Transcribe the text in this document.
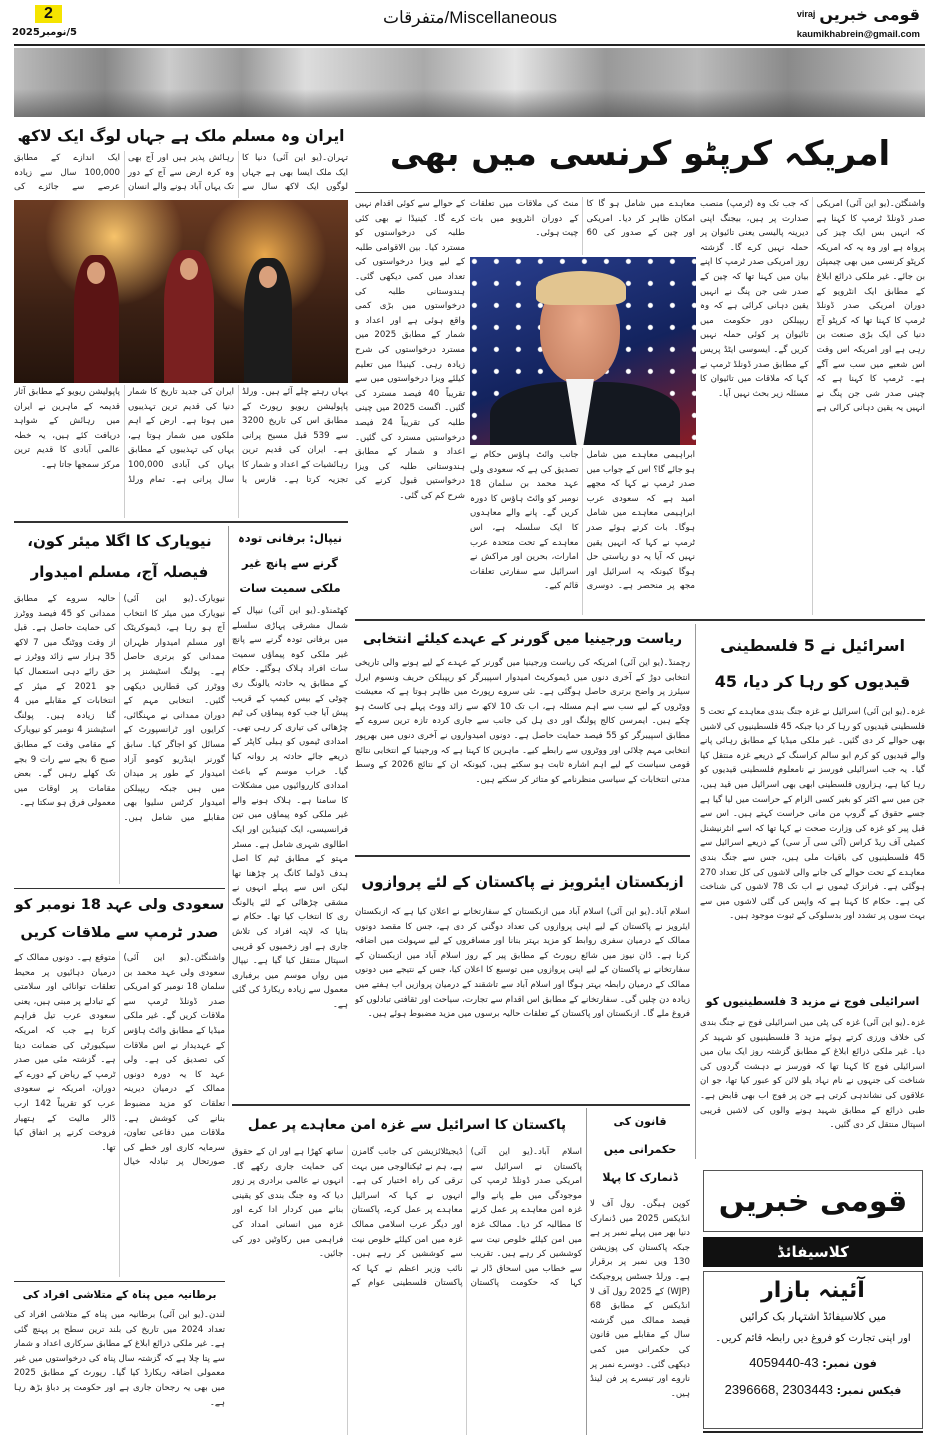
2
5/نومبر2025
متفرقات/Miscellaneous	viraj قومی خبریں
kaumikhabrein@gmail.com
امریکہ کرپٹو کرنسی میں بھی
واشنگٹن۔(یو این آئی) امریکی صدر ڈونلڈ ٹرمپ کا کہنا ہے کہ انہیں بس ایک چیز کی پرواہ ہے اور وہ یہ کہ امریکہ کرپٹو کرنسی میں بھی چیمپئن بن جائے۔ غیر ملکی ذرائع ابلاغ کے مطابق ایک انٹرویو کے دوران امریکی صدر ڈونلڈ ٹرمپ کا کہنا تھا کہ کرپٹو آج دنیا کی ایک بڑی صنعت بن رہی ہے اور امریکہ اس وقت اس شعبے میں سب سے آگے ہے۔ ٹرمپ کا کہنا ہے کہ چینی صدر شی جن پنگ نے انہیں یہ یقین دہانی کرائی ہے کہ جب تک وہ (ٹرمپ) منصب صدارت پر ہیں، بیجنگ اپنی دیرینہ پالیسی یعنی تائیوان پر حملہ نہیں کرے گا۔ گزشتہ روز امریکی صدر ٹرمپ کا اپنے بیان میں کہنا تھا کہ چین کے صدر شی جن پنگ نے انہیں یقین دہانی کرائی ہے کہ وہ ریپبلکن دور حکومت میں تائیوان پر کوئی حملہ نہیں کریں گے۔ ایسوسی ایٹڈ پریس کے مطابق صدر ڈونلڈ ٹرمپ نے کہا کہ ملاقات میں تائیوان کا مسئلہ زیر بحث نہیں آیا۔
معاہدے میں شامل ہو گا کا امکان ظاہر کر دیا۔ امریکی اور چین کے صدور کی 60 منٹ کی ملاقات میں تعلقات کے دوران انٹرویو میں بات چیت ہوئی۔
ابراہیمی معاہدے میں شامل ہو جائے گا؟ اس کے جواب میں صدر ٹرمپ نے کہا کہ مجھے امید ہے کہ سعودی عرب ابراہیمی معاہدے میں شامل ہوگا۔ بات کرتے ہوئے صدر ٹرمپ نے کہا کہ انہیں یقین نہیں کہ آیا یہ دو ریاستی حل ہوگا کیونکہ یہ اسرائیل اور مجھ پر منحصر ہے۔ دوسری جانب وائٹ ہاؤس حکام نے تصدیق کی ہے کہ سعودی ولی عہد محمد بن سلمان 18 نومبر کو وائٹ ہاؤس کا دورہ کریں گے۔ پانے والے معاہدوں کا ایک سلسلہ ہے، اس معاہدے کے تحت متحدہ عرب امارات، بحرین اور مراکش نے اسرائیل سے سفارتی تعلقات قائم کیے۔
کے حوالے سے کوئی اقدام نہیں کرے گا۔ کینیڈا نے بھی کئی طلبہ کی درخواستوں کو مسترد کیا۔ بین الاقوامی طلبہ کے لیے ویزا درخواستوں کی تعداد میں کمی دیکھی گئی۔ ہندوستانی طلبہ کی درخواستوں میں بڑی کمی واقع ہوئی ہے اور اعداد و شمار کے مطابق 2025 میں مسترد درخواستوں کی شرح زیادہ رہی۔ کینیڈا میں تعلیم کیلئے ویزا درخواستوں میں سے تقریباً 40 فیصد مسترد کی گئیں۔ اگست 2025 میں چینی طلبہ کی تقریباً 24 فیصد درخواستیں مسترد کی گئیں۔ اعداد و شمار کے مطابق ہندوستانی طلبہ کی ویزا درخواستیں قبول کرنے کی شرح کم کی گئی۔
ایران وہ مسلم ملک ہے جہاں لوگ ایک لاکھ
تہران۔(یو این آئی) دنیا کا ایک ملک ایسا بھی ہے جہاں لوگوں ایک لاکھ سال سے رہائش پذیر ہیں اور آج بھی وہ کرہ ارض سے آج کے دور تک یہاں آباد ہونے والے انسان ایک اندازے کے مطابق 100,000 سال سے زیادہ عرصے سے جائزے کی
یہاں رہتے چلے آئے ہیں۔ ورلڈ پاپولیشن ریویو رپورٹ کے مطابق اس کی تاریخ 3200 سے 539 قبل مسیح پرانی ہے۔ ایران کی قدیم ترین رہائشیات کے اعداد و شمار کا تجزیہ کرتا ہے۔ فارس یا ایران کی جدید تاریخ کا شمار دنیا کی قدیم ترین تہذیبوں میں ہوتا ہے۔ ارض کے اہم ملکوں میں شمار ہوتا ہے، یہاں کی تہذیبوں کے مطابق یہاں کی آبادی 100,000 سال پرانی ہے۔ تمام ورلڈ پاپولیشن ریویو کے مطابق آثار قدیمہ کے ماہرین نے ایران میں رہائش کے شواہد دریافت کئے ہیں، یہ خطہ عالمی آبادی کا قدیم ترین مرکز سمجھا جاتا ہے۔
نیویارک کا اگلا میئر کون، فیصلہ آج، مسلم امیدوار
نیویارک۔(یو این آئی) نیویارک میں میئر کا انتخاب آج ہو رہا ہے، ڈیموکریٹک اور مسلم امیدوار ظہران ممدانی کو برتری حاصل ہے۔ پولنگ اسٹیشنز پر ووٹرز کی قطاریں دیکھی گئیں۔ انتخابی مہم کے دوران ممدانی نے مہنگائی، کرایوں اور ٹرانسپورٹ کے مسائل کو اجاگر کیا۔ سابق گورنر اینڈریو کومو آزاد امیدوار کے طور پر میدان میں ہیں جبکہ ریپبلکن امیدوار کرٹس سلیوا بھی مقابلے میں شامل ہیں۔ حالیہ سروے کے مطابق ممدانی کو 45 فیصد ووٹرز کی حمایت حاصل ہے۔ قبل از وقت ووٹنگ میں 7 لاکھ 35 ہزار سے زائد ووٹرز نے حق رائے دہی استعمال کیا جو 2021 کے میئر کے انتخابات کے مقابلے میں 4 گنا زیادہ ہیں۔ پولنگ اسٹیشنز 4 نومبر کو نیویارک کے مقامی وقت کے مطابق صبح 6 بجے سے رات 9 بجے تک کھلے رہیں گے۔ بعض مقامات پر اوقات میں معمولی فرق ہو سکتا ہے۔
نیپال: برفانی تودہ گرنے سے پانچ غیر ملکی سمیت سات
کھٹمنڈو۔(یو این آئی) نیپال کے شمال مشرقی پہاڑی سلسلے میں برفانی تودہ گرنے سے پانچ غیر ملکی کوہ پیماؤں سمیت سات افراد ہلاک ہوگئے۔ حکام کے مطابق یہ حادثہ یالونگ ری چوٹی کے بیس کیمپ کے قریب پیش آیا جب کوہ پیماؤں کی ٹیم چڑھائی کی تیاری کر رہی تھی۔ امدادی ٹیموں کو ہیلی کاپٹر کے ذریعے جائے حادثہ پر روانہ کیا گیا۔ خراب موسم کے باعث امدادی کارروائیوں میں مشکلات کا سامنا ہے۔ ہلاک ہونے والے غیر ملکی کوہ پیماؤں میں تین فرانسیسی، ایک کینیڈین اور ایک اطالوی شہری شامل ہے۔ مسٹر مہتو کے مطابق ٹیم کا اصل ہدف ڈولما کانگ پر چڑھنا تھا لیکن اس سے پہلے انہوں نے مشقی چڑھائی کے لئے یالونگ ری کا انتخاب کیا تھا۔ حکام نے بتایا کہ لاپتہ افراد کی تلاش جاری ہے اور زخمیوں کو قریبی اسپتال منتقل کیا گیا ہے۔ نیپال میں رواں موسم میں برفباری معمول سے زیادہ ریکارڈ کی گئی ہے۔
سعودی ولی عہد 18 نومبر کو صدر ٹرمپ سے ملاقات کریں
واشنگٹن۔(یو این آئی) سعودی ولی عہد محمد بن سلمان 18 نومبر کو امریکی صدر ڈونلڈ ٹرمپ سے ملاقات کریں گے۔ غیر ملکی میڈیا کے مطابق وائٹ ہاؤس کے عہدیدار نے اس ملاقات کی تصدیق کی ہے۔ ولی عہد کا یہ دورہ دونوں ممالک کے درمیان دیرینہ تعلقات کو مزید مضبوط بنانے کی کوشش ہے۔ ملاقات میں دفاعی تعاون، سرمایہ کاری اور خطے کی صورتحال پر تبادلہ خیال متوقع ہے۔ دونوں ممالک کے درمیان دہائیوں پر محیط تعلقات توانائی اور سلامتی کے تبادلے پر مبنی ہیں، یعنی سعودی عرب تیل فراہم کرتا ہے جب کہ امریکہ سیکیورٹی کی ضمانت دیتا ہے۔ گزشتہ مئی میں صدر ٹرمپ کے ریاض کے دورے کے دوران، امریکہ نے سعودی عرب کو تقریباً 142 ارب ڈالر مالیت کے ہتھیار فروخت کرنے پر اتفاق کیا تھا۔
برطانیہ میں پناہ کے متلاشی افراد کی
لندن۔(یو این آئی) برطانیہ میں پناہ کے متلاشی افراد کی تعداد 2024 میں تاریخ کی بلند ترین سطح پر پہنچ گئی ہے۔ غیر ملکی ذرائع ابلاغ کے مطابق سرکاری اعداد و شمار سے پتا چلا ہے کہ گزشتہ سال پناہ کی درخواستوں میں غیر معمولی اضافہ ریکارڈ کیا گیا۔ رپورٹ کے مطابق 2025 میں بھی یہ رجحان جاری ہے اور حکومت پر دباؤ بڑھ رہا ہے۔
ریاست ورجینیا میں گورنر کے عہدے کیلئے انتخابی
رچمنڈ۔(یو این آئی) امریکہ کی ریاست ورجینیا میں گورنر کے عہدے کے لیے ہونے والی تاریخی انتخابی دوڑ کے آخری دنوں میں ڈیموکریٹ امیدوار اسپیبرگر کو ریپبلکن حریف ونسوم ایرل سیئرز پر واضح برتری حاصل ہوگئی ہے۔ نئی سروے رپورٹ میں ظاہر ہوتا ہے کہ معیشت ووٹروں کے لیے سب سے اہم مسئلہ ہے، اب تک 10 لاکھ سے زائد ووٹ پہلے ہی کاسٹ ہو چکے ہیں۔ ایمرسن کالج پولنگ اور دی ہل کی جانب سے جاری کردہ تازہ ترین سروے کے مطابق اسپیبرگر کو 55 فیصد حمایت حاصل ہے۔ دونوں امیدواروں نے آخری دنوں میں بھرپور انتخابی مہم چلائی اور ووٹروں سے رابطے کیے۔ ماہرین کا کہنا ہے کہ ورجینیا کے انتخابی نتائج قومی سیاست کے لیے اہم اشارہ ثابت ہو سکتے ہیں، کیونکہ ان کے نتائج 2026 کے وسط مدتی انتخابات کے سیاسی منظرنامے کو متاثر کر سکتے ہیں۔
اسرائیل نے 5 فلسطینی قیدیوں کو رہا کر دیا، 45
غزہ۔(یو این آئی) اسرائیل نے غزہ جنگ بندی معاہدے کے تحت 5 فلسطینی قیدیوں کو رہا کر دیا جبکہ 45 فلسطینیوں کی لاشیں بھی حوالے کر دی گئیں۔ غیر ملکی میڈیا کے مطابق رہائی پانے والے قیدیوں کو کرم ابو سالم کراسنگ کے ذریعے غزہ منتقل کیا گیا۔ یہ جب اسرائیلی فورسز نے نامعلوم فلسطینی قیدیوں کو رہا کیا ہے، ہزاروں فلسطینی ابھی بھی اسرائیل میں قید ہیں، جن میں سے اکثر کو بغیر کسی الزام کے حراست میں لیا گیا ہے جسے حقوق کے گروپ من مانی حراست کہتے ہیں۔ اس سے قبل پیر کو غزہ کی وزارت صحت نے کہا تھا کہ اسے انٹرنیشنل کمیٹی آف ریڈ کراس (آئی سی آر سی) کے ذریعے اسرائیل سے 45 فلسطینیوں کی باقیات ملی ہیں، جس سے جنگ بندی معاہدے کے تحت حوالے کی جانے والی لاشوں کی کل تعداد 270 ہوگئی ہے۔ فرانزک ٹیموں نے اب تک 78 لاشوں کی شناخت کی ہے۔ حکام کا کہنا ہے کہ واپس کی گئی لاشوں میں سے بہت سوں پر تشدد اور بدسلوکی کے ثبوت موجود ہیں۔
اسرائیلی فوج نے مزید 3 فلسطینیوں کو
غزہ۔(یو این آئی) غزہ کی پٹی میں اسرائیلی فوج نے جنگ بندی کی خلاف ورزی کرتے ہوئے مزید 3 فلسطینیوں کو شہید کر دیا۔ غیر ملکی ذرائع ابلاغ کے مطابق گزشتہ روز ایک بیان میں اسرائیلی فوج کا کہنا تھا کہ فورسز نے دہشت گردوں کی شناخت کی جنہوں نے نام نہاد یلو لائن کو عبور کیا تھا، جو ان علاقوں کی نشاندہی کرتی ہے جن پر فوج اب بھی قابض ہے۔ طبی ذرائع کے مطابق شہید ہونے والوں کی لاشیں قریبی اسپتال منتقل کر دی گئیں۔
ازبکستان ایئرویز نے پاکستان کے لئے پروازوں
اسلام آباد۔(یو این آئی) اسلام آباد میں ازبکستان کے سفارتخانے نے اعلان کیا ہے کہ ازبکستان ایئرویز نے پاکستان کے لیے اپنی پروازوں کی تعداد دوگنی کر دی ہے، جس کا مقصد دونوں ممالک کے درمیان سفری روابط کو مزید بہتر بنانا اور مسافروں کے لیے سہولت میں اضافہ کرنا ہے۔ ڈان نیوز میں شائع رپورٹ کے مطابق پیر کے روز اسلام آباد میں ازبکستان کے سفارتخانے نے پاکستان کے لیے اپنی پروازوں میں توسیع کا اعلان کیا، جس کے نتیجے میں دونوں ممالک کے درمیان رابطہ بہتر ہوگا اور اسلام آباد سے تاشقند کے درمیان پروازیں اب ہفتے میں زیادہ دن چلیں گی۔ سفارتخانے کے مطابق اس اقدام سے تجارت، سیاحت اور ثقافتی تبادلوں کو فروغ ملے گا۔ ازبکستان اور پاکستان کے تعلقات حالیہ برسوں میں مزید مضبوط ہوئے ہیں۔
پاکستان کا اسرائیل سے غزہ امن معاہدے پر عمل
اسلام آباد۔(یو این آئی) پاکستان نے اسرائیل سے امریکی صدر ڈونلڈ ٹرمپ کی موجودگی میں طے پانے والے غزہ امن معاہدے پر عمل کرنے کا مطالبہ کر دیا۔ ممالک غزہ میں امن کیلئے خلوص نیت سے کوششیں کر رہے ہیں۔ تقریب سے خطاب میں اسحاق ڈار نے کہا کہ حکومت پاکستان ڈیجیٹلائزیشن کی جانب گامزن ہے، ہم نے ٹیکنالوجی میں بہت ترقی کی راہ اختیار کی ہے۔ انہوں نے کہا کہ اسرائیل معاہدے پر عمل کرے، پاکستان اور دیگر عرب اسلامی ممالک غزہ میں امن کیلئے خلوص نیت سے کوششیں کر رہے ہیں۔ نائب وزیر اعظم نے کہا کہ پاکستان فلسطینی عوام کے ساتھ کھڑا ہے اور ان کے حقوق کی حمایت جاری رکھے گا۔ انہوں نے عالمی برادری پر زور دیا کہ وہ جنگ بندی کو یقینی بنانے میں کردار ادا کرے اور غزہ میں انسانی امداد کی فراہمی میں رکاوٹیں دور کی جائیں۔
قانون کی حکمرانی میں ڈنمارک کا پہلا
کوپن ہیگن۔ رول آف لا انڈیکس 2025 میں ڈنمارک دنیا بھر میں پہلے نمبر پر ہے جبکہ پاکستان کی پوزیشن 130 ویں نمبر پر برقرار ہے۔ ورلڈ جسٹس پروجیکٹ (WJP) کے 2025 رول آف لا انڈیکس کے مطابق 68 فیصد ممالک میں گزشتہ سال کے مقابلے میں قانون کی حکمرانی میں کمی دیکھی گئی۔ دوسرے نمبر پر ناروے اور تیسرے پر فن لینڈ ہیں۔
قومی خبریں
کلاسیفائڈ
آئینہ بازار
میں کلاسیفائڈ اشتہار بک کرائیں
اور اپنی تجارت کو فروغ دیں رابطہ قائم کریں۔
فون نمبر: 4059440-43
فیکس نمبر: 2396668, 2303443
